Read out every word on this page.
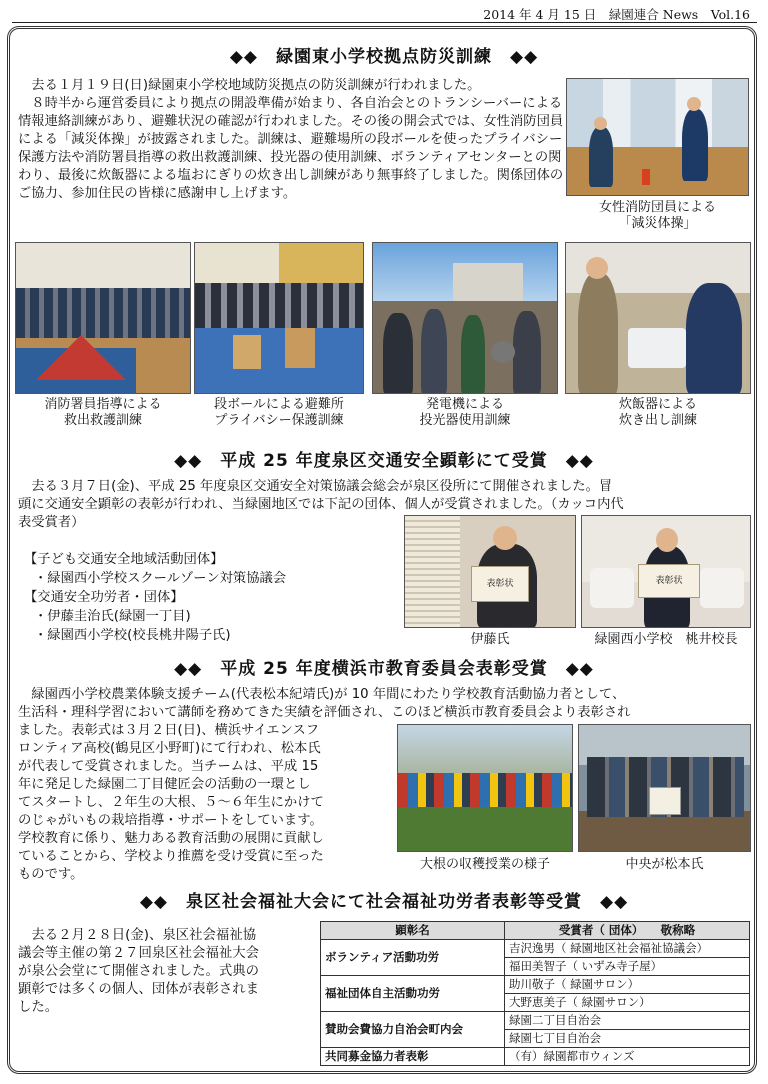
2014 年 4 月 15 日　緑園連合 News　Vol.16
◆◆　緑園東小学校拠点防災訓練　◆◆

去る１月１９日(日)緑園東小学校地域防災拠点の防災訓練が行われました。

８時半から運営委員により拠点の開設準備が始まり、各自治会とのトランシーバーによる情報連絡訓練があり、避難状況の確認が行われました。その後の開会式では、女性消防団員による「減災体操」が披露されました。訓練は、避難場所の段ボールを使ったプライバシー保護方法や消防署員指導の救出救護訓練、投光器の使用訓練、ボランティアセンターとの関わり、最後に炊飯器による塩おにぎりの炊き出し訓練があり無事終了しました。関係団体のご協力、参加住民の皆様に感謝申し上げます。

女性消防団員による
「減災体操」
消防署員指導による
救出救護訓練
段ボールによる避難所
プライバシー保護訓練
発電機による
投光器使用訓練
炊飯器による
炊き出し訓練
◆◆　平成 25 年度泉区交通安全顕彰にて受賞　◆◆

去る３月７日(金)、平成 25 年度泉区交通安全対策協議会総会が泉区役所にて開催されました。冒

頭に交通安全顕彰の表彰が行われ、当緑園地区では下記の団体、個人が受賞されました。（カッコ内代

表受賞者）

【子ども交通安全地域活動団体】
・緑園西小学校スクールゾーン対策協議会
【交通安全功労者・団体】
・伊藤圭治氏(緑園一丁目)
・緑園西小学校(校長桃井陽子氏)
表彰状	表彰状
伊藤氏	緑園西小学校　桃井校長
◆◆　平成 25 年度横浜市教育委員会表彰受賞　◆◆

緑園西小学校農業体験支援チーム(代表松本紀靖氏)が 10 年間にわたり学校教育活動協力者として、

生活科・理科学習において講師を務めてきた実績を評価され、このほど横浜市教育委員会より表彰され

ました。表彰式は３月２日(日)、横浜サイエンスフ

ロンティア高校(鶴見区小野町)にて行われ、松本氏

が代表して受賞されました。当チームは、平成 15

年に発足した緑園二丁目健匠会の活動の一環とし

てスタートし、２年生の大根、５～６年生にかけて

のじゃがいもの栽培指導・サポートをしています。

学校教育に係り、魅力ある教育活動の展開に貢献し

ていることから、学校より推薦を受け受賞に至った

ものです。

大根の収穫授業の様子	中央が松本氏
◆◆　泉区社会福祉大会にて社会福祉功労者表彰等受賞　◆◆

去る２月２８日(金)、泉区社会福祉協

議会等主催の第２７回泉区社会福祉大会

が泉公会堂にて開催されました。式典の

顕彰では多くの個人、団体が表彰されま

した。

顕彰名	受賞者（ 団体）　　敬称略
ボランティア活動功労	吉沢逸男（ 緑園地区社会福祉協議会）
	福田美智子（ いずみ寺子屋）
福祉団体自主活動功労	助川敬子（ 緑園サロン）
	大野恵美子（ 緑園サロン）
賛助会費協力自治会町内会	緑園二丁目自治会
	緑園七丁目自治会
共同募金協力者表彰	（有）緑園都市ウィンズ
